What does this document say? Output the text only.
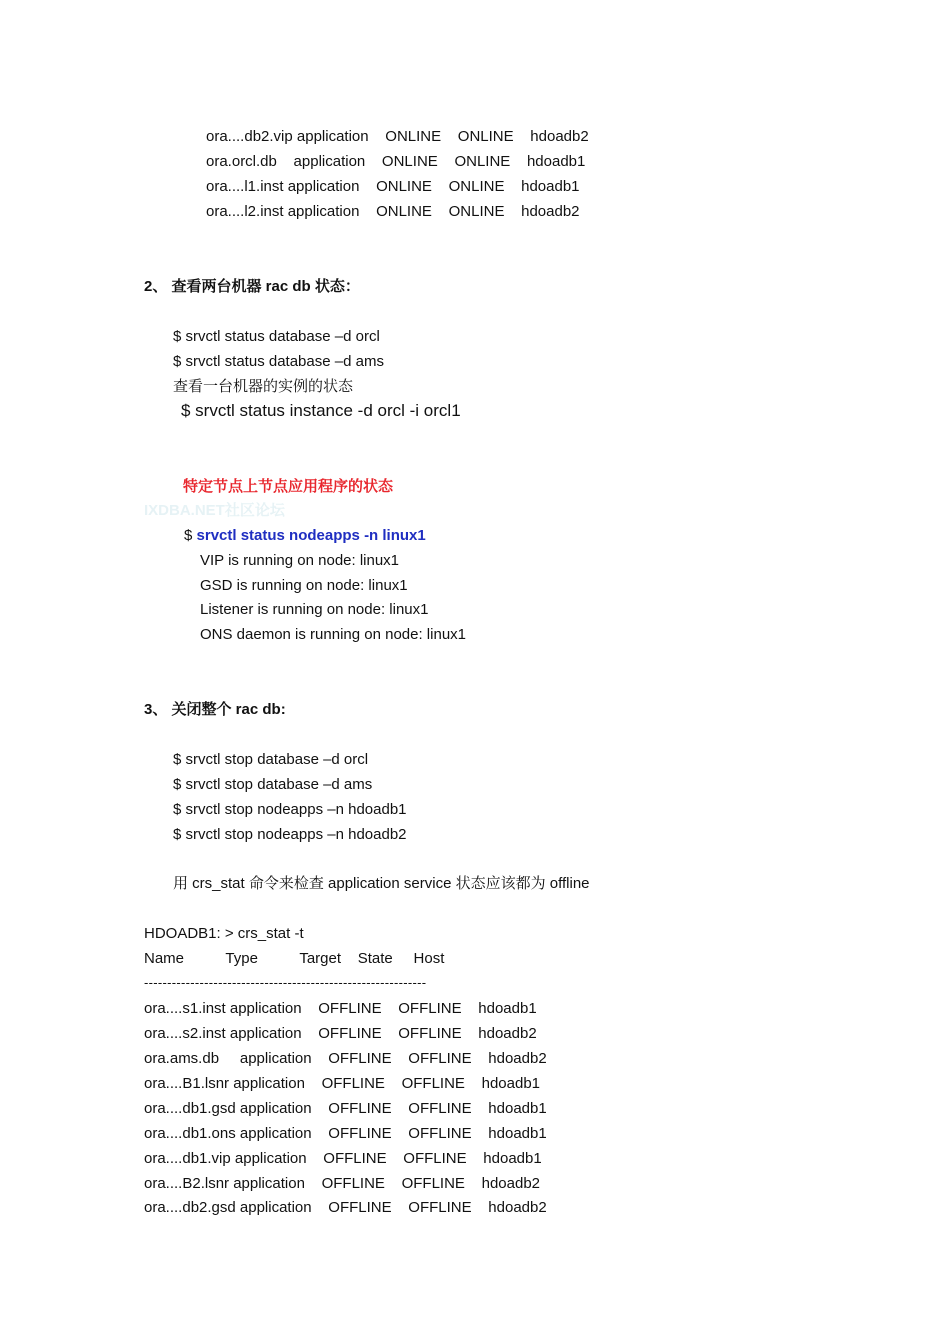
ora....db2.vip application    ONLINE    ONLINE    hdoadb2
ora.orcl.db    application    ONLINE    ONLINE    hdoadb1
ora....l1.inst application    ONLINE    ONLINE    hdoadb1
ora....l2.inst application    ONLINE    ONLINE    hdoadb2
2、 查看两台机器 rac db 状态：
$ srvctl status database –d orcl
$ srvctl status database –d ams
查看一台机器的实例的状态
$ srvctl status instance -d orcl -i orcl1
特定节点上节点应用程序的状态
IXDBA.NET社区论坛
$ srvctl status nodeapps -n linux1
VIP is running on node: linux1
GSD is running on node: linux1
Listener is running on node: linux1
ONS daemon is running on node: linux1
3、 关闭整个 rac db:
$ srvctl stop database –d orcl
$ srvctl stop database –d ams
$ srvctl stop nodeapps –n hdoadb1
$ srvctl stop nodeapps –n hdoadb2
用 crs_stat 命令来检查 application service 状态应该都为 offline
HDOADB1: > crs_stat -t
Name          Type          Target    State     Host
-------------------------------------------------------------
ora....s1.inst application    OFFLINE    OFFLINE    hdoadb1
ora....s2.inst application    OFFLINE    OFFLINE    hdoadb2
ora.ams.db     application    OFFLINE    OFFLINE    hdoadb2
ora....B1.lsnr application    OFFLINE    OFFLINE    hdoadb1
ora....db1.gsd application    OFFLINE    OFFLINE    hdoadb1
ora....db1.ons application    OFFLINE    OFFLINE    hdoadb1
ora....db1.vip application    OFFLINE    OFFLINE    hdoadb1
ora....B2.lsnr application    OFFLINE    OFFLINE    hdoadb2
ora....db2.gsd application    OFFLINE    OFFLINE    hdoadb2
